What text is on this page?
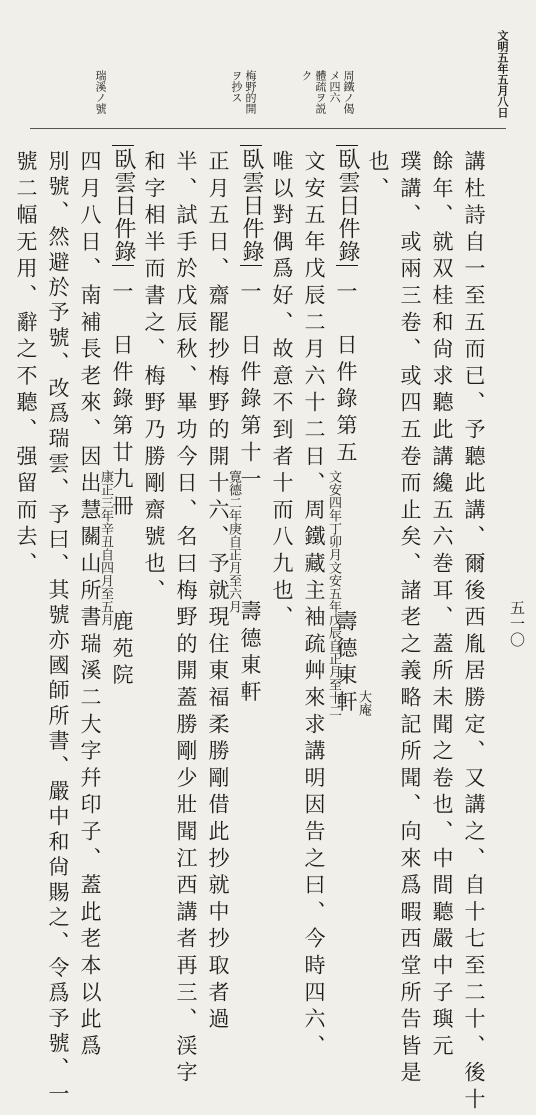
五一〇
文明五年五月八日
周鐵ノ偈
メ四六
體疏ヲ説
ク
梅野的開
ヲ抄ス
瑞溪ノ號
講杜詩自一至五而已、予聽此講、爾後西胤居勝定、又講之、自十七至二十、後十
餘年、就双桂和尙求聽此講纔五六巻耳、蓋所未聞之卷也、中間聽嚴中子璵元
璞講、或兩三卷、或四五卷而止矣、諸老之義略記所聞、向來爲暇西堂所告皆是
也、
臥雲日件錄
一　日件錄第五
文安四年丁卯月文安五年戊辰自正月至十二
壽德東軒
大庵
文安五年戊辰二月六十二日、周鐵藏主袖疏艸來求講明因告之曰、今時四六、
唯以對偶爲好、故意不到者十而八九也、
臥雲日件錄
一　日件錄第十一
寛德二年庚自正月至六月
壽德東軒
正月五日、齋罷抄梅野的開十六、予就現住東福柔勝剛借此抄就中抄取者過
半、試手於戊辰秋、畢功今日、名曰梅野的開蓋勝剛少壯聞江西講者再三、渓字
和字相半而書之、梅野乃勝剛齋號也、
臥雲日件錄
一　日件錄第廿九冊
康正三年辛丑自四月至五月
鹿苑院
四月八日、南補長老來、因出慧關山所書瑞溪二大字幷印子、蓋此老本以此爲
別號、然避於予號、改爲瑞雲、予曰、其號亦國師所書、嚴中和尙賜之、令爲予號、一
號二幅无用、辭之不聽、强留而去、
